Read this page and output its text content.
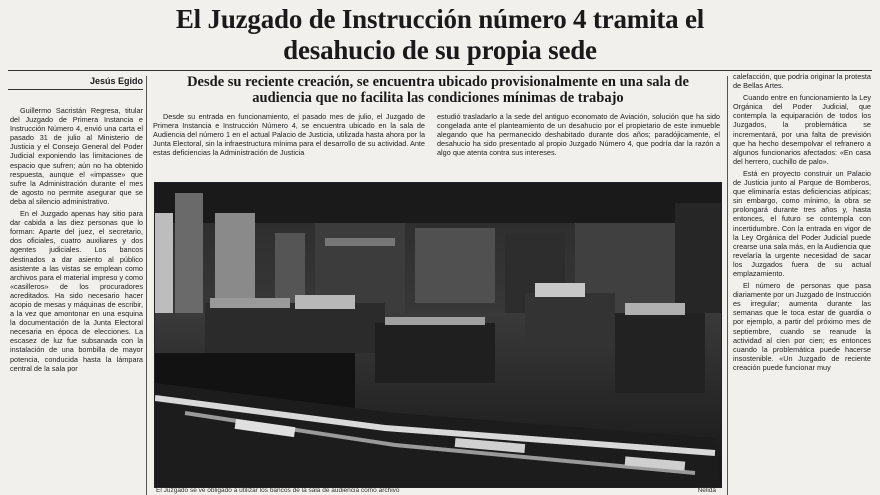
El Juzgado de Instrucción número 4 tramita el
desahucio de su propia sede
Jesús Egido	Desde su reciente creación, se encuentra ubicado provisionalmente en una sala de audiencia que no facilita las condiciones mínimas de trabajo

Guillermo Sacristán Regresa, titular del Juzgado de Primera Instancia e Instrucción Número 4, envió una carta el pasado 31 de julio al Ministerio de Justicia y el Consejo General del Poder Judicial exponiendo las limitaciones de espacio que sufren; aún no ha obtenido respuesta, aunque el «impasse» que sufre la Administración durante el mes de agosto no permite asegurar que se deba al silencio administrativo.

En el Juzgado apenas hay sitio para dar cabida a las diez personas que lo forman: Aparte del juez, el secretario, dos oficiales, cuatro auxiliares y dos agentes judiciales. Los bancos destinados a dar asiento al público asistente a las vistas se emplean como archivos para el material impreso y como «casilleros» de los procuradores acreditados. Ha sido necesario hacer acopio de mesas y máquinas de escribir, a la vez que amontonar en una esquina la documentación de la Junta Electoral necesaria en época de elecciones. La escasez de luz fue subsanada con la instalación de una bombilla de mayor potencia, conducida hasta la lámpara central de la sala por

Desde su entrada en funcionamiento, el pasado mes de julio, el Juzgado de Primera Instancia e Instrucción Número 4, se encuentra ubicado en la sala de Audiencia del número 1 en el actual Palacio de Justicia, utilizada hasta ahora por la Junta Electoral, sin la infraestructura mínima para el desarrollo de su actividad. Ante estas deficiencias la Administración de Justicia

estudió trasladarlo a la sede del antiguo economato de Aviación, solución que ha sido congelada ante el planteamiento de un desahucio por el propietario de este inmueble alegando que ha permanecido deshabitado durante dos años; paradójicamente, el desahucio ha sido presentado al propio Juzgado Número 4, que podría dar la razón a algo que atenta contra sus intereses.

calefacción, que podría originar la protesta de Bellas Artes.

Cuando entre en funcionamiento la Ley Orgánica del Poder Judicial, que contempla la equiparación de todos los Juzgados, la problemática se incrementará, por una falta de previsión que ha hecho desempolvar el refranero a algunos funcionarios afectados: «En casa del herrero, cuchillo de palo».

Está en proyecto construir un Palacio de Justicia junto al Parque de Bomberos, que eliminaría estas deficiencias atípicas; sin embargo, como mínimo, la obra se prolongará durante tres años y, hasta entonces, el futuro se contempla con incertidumbre. Con la entrada en vigor de la Ley Orgánica del Poder Judicial puede crearse una sala más, en la Audiencia que revelaría la urgente necesidad de sacar los Juzgados fuera de su actual emplazamiento.

El número de personas que pasa diariamente por un Juzgado de Instrucción es irregular; aumenta durante las semanas que le toca estar de guardia o por ejemplo, a partir del próximo mes de septiembre, cuando se reanude la actividad al cien por cien; es entonces cuando la problemática puede hacerse insostenible. «Un Juzgado de reciente creación puede funcionar muy

El Juzgado se ve obligado a utilizar los bancos de la sala de audiencia como archivo	Nelida
